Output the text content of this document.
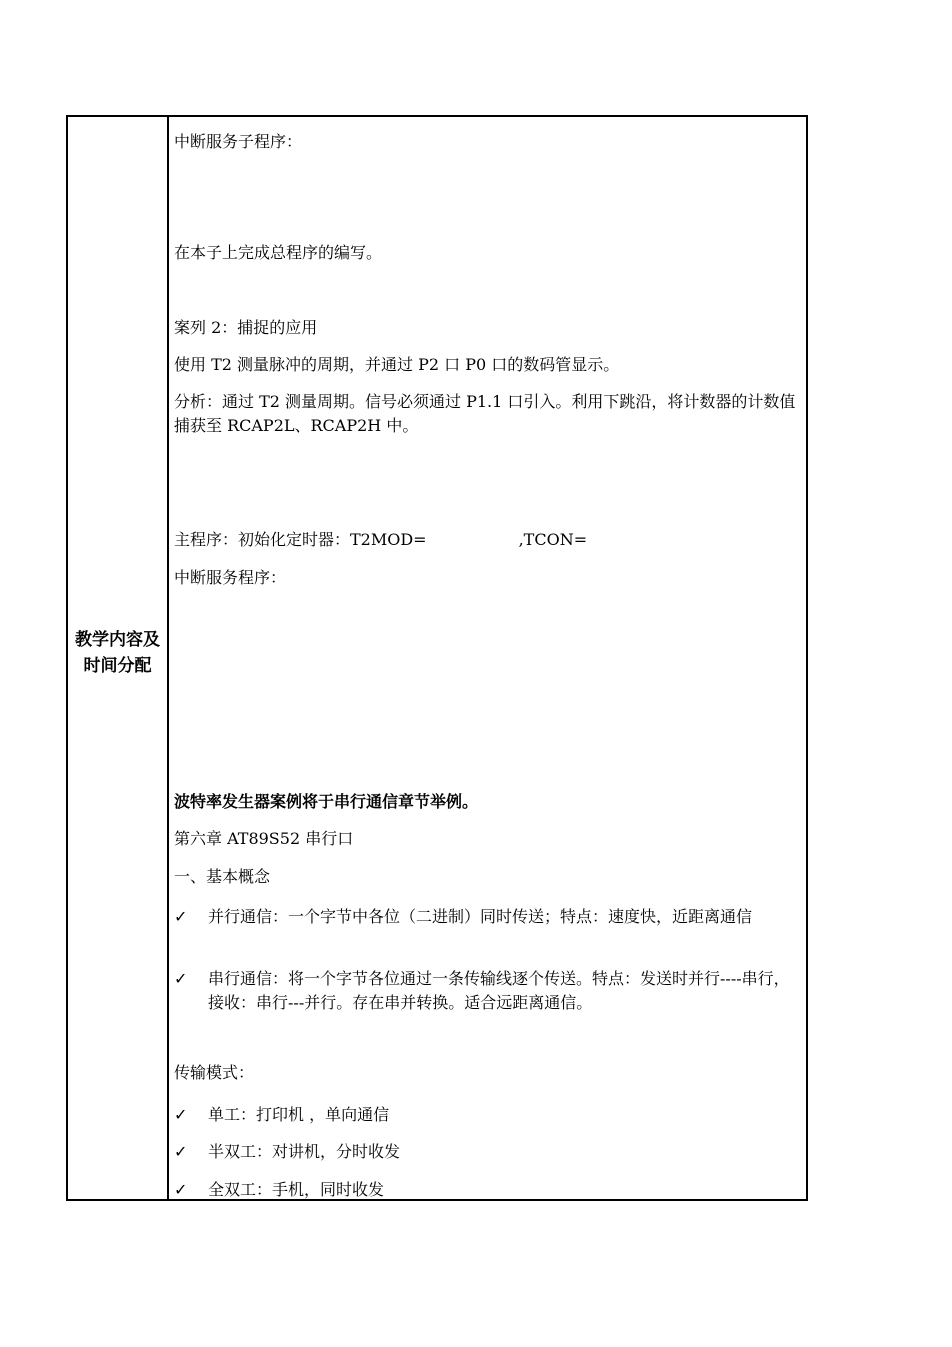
教学内容及时间分配
中断服务子程序：
在本子上完成总程序的编写。
案列 2：捕捉的应用
使用 T2 测量脉冲的周期，并通过 P2 口 P0 口的数码管显示。
分析：通过 T2 测量周期。信号必须通过 P1.1 口引入。利用下跳沿，将计数器的计数值捕获至 RCAP2L、RCAP2H 中。
主程序：初始化定时器：T2MOD=	,TCON=
中断服务程序：
波特率发生器案例将于串行通信章节举例。
第六章 AT89S52 串行口
一、基本概念
✓ 并行通信：一个字节中各位（二进制）同时传送；特点：速度快，近距离通信
✓ 串行通信：将一个字节各位通过一条传输线逐个传送。特点：发送时并行----串行，接收：串行---并行。存在串并转换。适合远距离通信。
传输模式：
✓ 单工：打印机 ，单向通信
✓ 半双工：对讲机，分时收发
✓ 全双工：手机，同时收发
